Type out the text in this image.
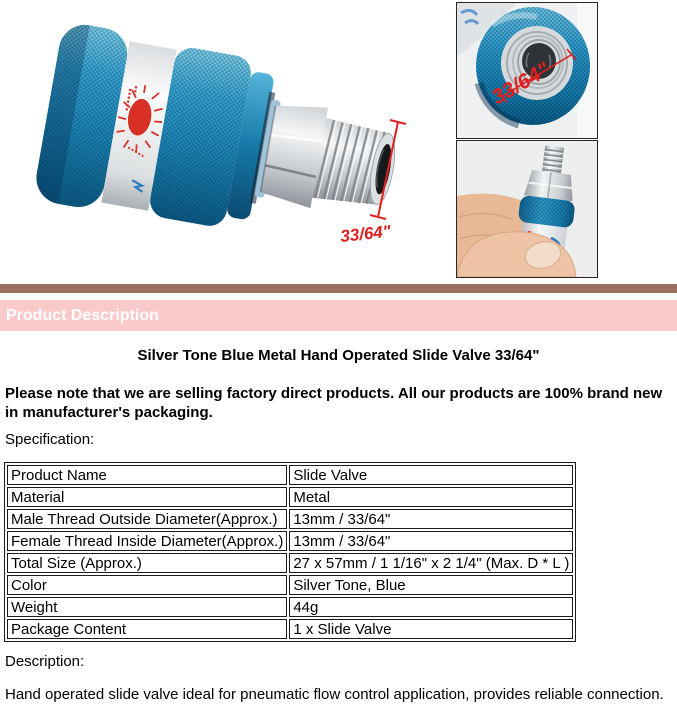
33/64"
33/64"
Product Description
Silver Tone Blue Metal Hand Operated Slide Valve 33/64"
Please note that we are selling factory direct products. All our products are 100% brand new in manufacturer's packaging.
Specification:
Product Name	Slide Valve
Material	Metal
Male Thread Outside Diameter(Approx.)	13mm / 33/64"
Female Thread Inside Diameter(Approx.)	13mm / 33/64"
Total Size (Approx.)	27 x 57mm / 1 1/16" x 2 1/4" (Max. D * L )
Color	Silver Tone, Blue
Weight	44g
Package Content	1 x Slide Valve
Description:
Hand operated slide valve ideal for pneumatic flow control application, provides reliable connection.
